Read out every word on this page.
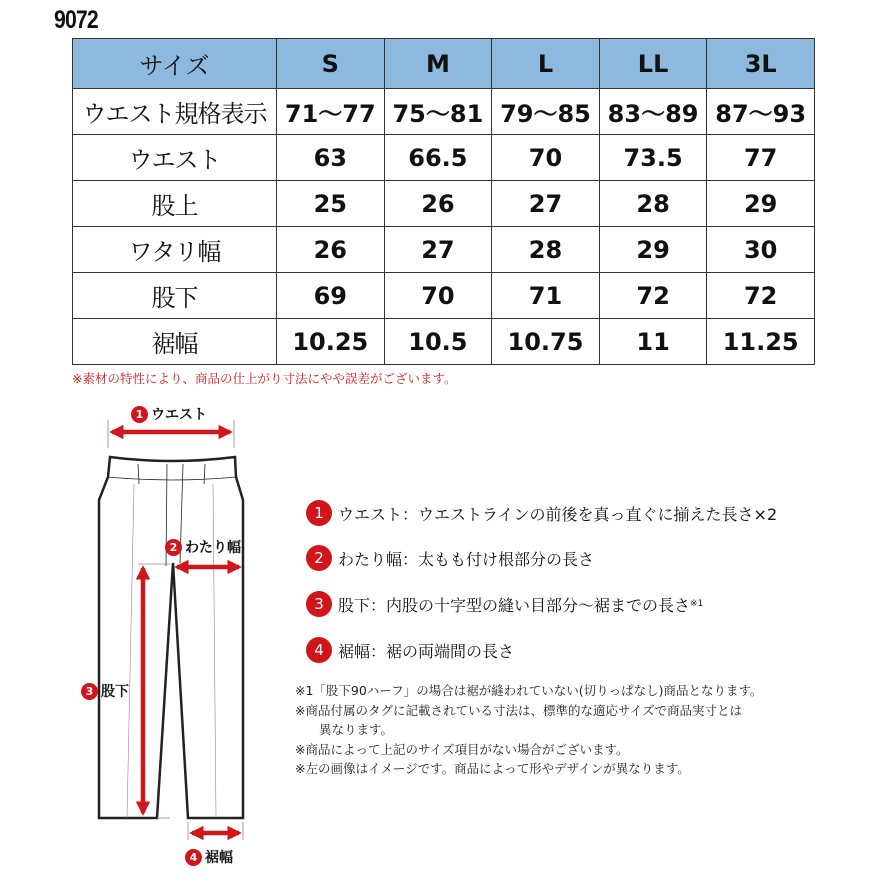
9072
サイズ	S	M	L	LL	3L
ウエスト規格表示	71〜77	75〜81	79〜85	83〜89	87〜93
ウエスト	63	66.5	70	73.5	77
股上	25	26	27	28	29
ワタリ幅	26	27	28	29	30
股下	69	70	71	72	72
裾幅	10.25	10.5	10.75	11	11.25
※素材の特性により、商品の仕上がり寸法にやや誤差がございます。
1 ウエスト
2 わたり幅
3 股下
4 裾幅
1 ウエスト ：ウエストラインの前後を真っ直ぐに揃えた長さ×2
2 わたり幅 ：太もも付け根部分の長さ
3 股下 ：内股の十字型の縫い目部分〜裾までの長さ ※1
4 裾幅 ：裾の両端間の長さ
※1「股下90ハーフ」の場合は裾が縫われていない(切りっぱなし)商品となります。
※商品付属のタグに記載されている寸法は、標準的な適応サイズで商品実寸とは
異なります。
※商品によって上記のサイズ項目がない場合がございます。
※左の画像はイメージです。商品によって形やデザインが異なります。
